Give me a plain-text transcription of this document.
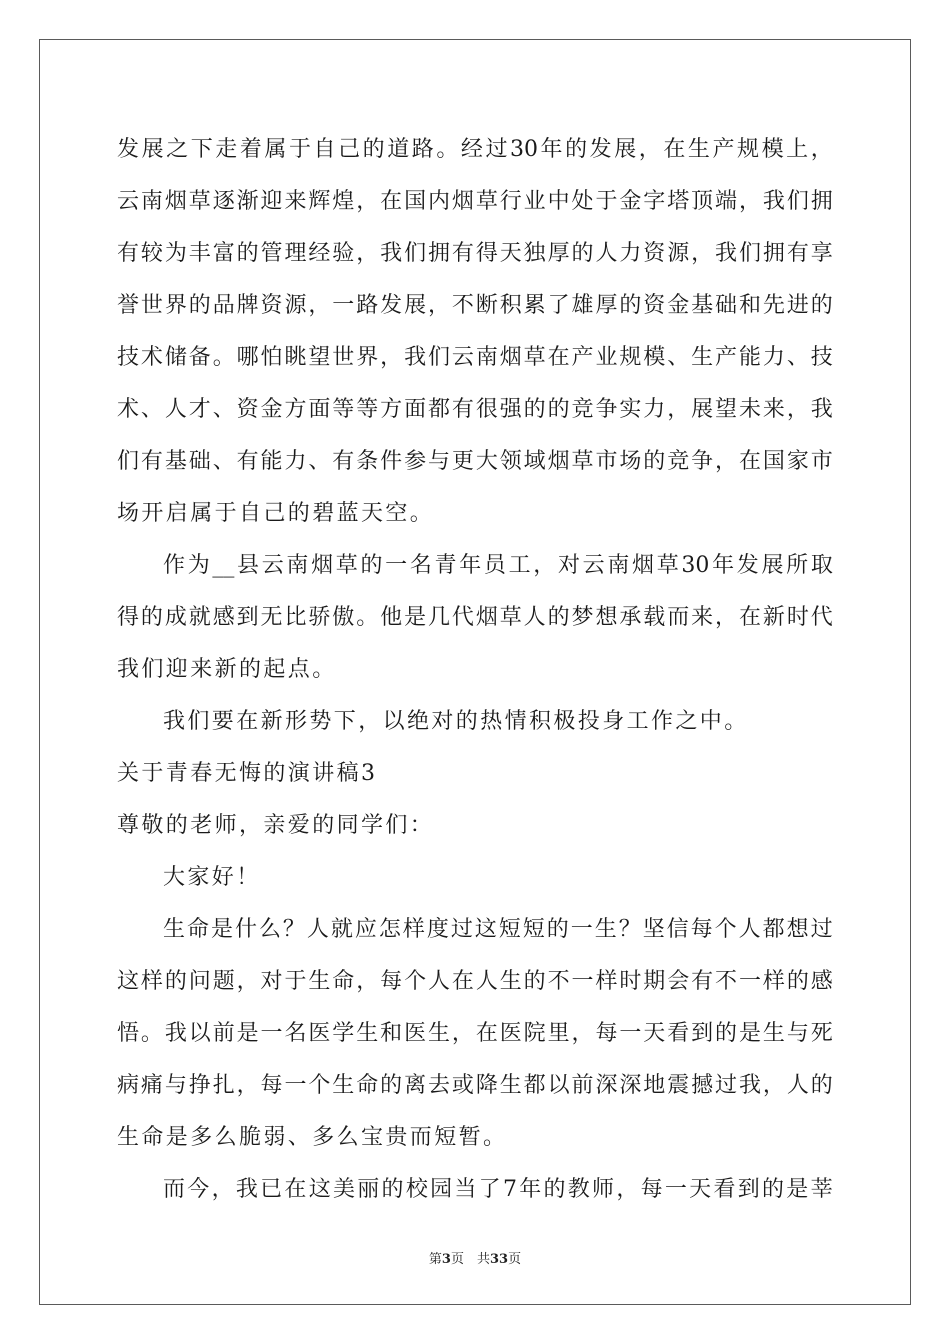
发 展 之 下 走 着 属 于 自 己 的 道 路 。 经 过 30 年 的 发 展 ， 在 生 产 规 模 上 ，
云 南 烟 草 逐 渐 迎 来 辉 煌 ， 在 国 内 烟 草 行 业 中 处 于 金 字 塔 顶 端 ， 我 们 拥
有 较 为 丰 富 的 管 理 经 验 ， 我 们 拥 有 得 天 独 厚 的 人 力 资 源 ， 我 们 拥 有 享
誉 世 界 的 品 牌 资 源 ， 一 路 发 展 ， 不 断 积 累 了 雄 厚 的 资 金 基 础 和 先 进 的
技 术 储 备 。 哪 怕 眺 望 世 界 ， 我 们 云 南 烟 草 在 产 业 规 模 、 生 产 能 力 、 技
术 、 人 才 、 资 金 方 面 等 等 方 面 都 有 很 强 的 的 竞 争 实 力 ， 展 望 未 来 ， 我
们 有 基 础 、 有 能 力 、 有 条 件 参 与 更 大 领 域 烟 草 市 场 的 竞 争 ， 在 国 家 市
场开启属于自己的碧蓝天空。
作 为 __ 县 云 南 烟 草 的 一 名 青 年 员 工 ， 对 云 南 烟 草 30 年 发 展 所 取
得 的 成 就 感 到 无 比 骄 傲 。 他 是 几 代 烟 草 人 的 梦 想 承 载 而 来 ， 在 新 时 代
我们迎来新的起点。
我们要在新形势下，以绝对的热情积极投身工作之中。
关于青春无悔的演讲稿3
尊敬的老师，亲爱的同学们：
大家好！
生 命 是 什 么 ？ 人 就 应 怎 样 度 过 这 短 短 的 一 生 ？ 坚 信 每 个 人 都 想 过
这 样 的 问 题 ， 对 于 生 命 ， 每 个 人 在 人 生 的 不 一 样 时 期 会 有 不 一 样 的 感
悟 。 我 以 前 是 一 名 医 学 生 和 医 生 ， 在 医 院 里 ， 每 一 天 看 到 的 是 生 与 死
病 痛 与 挣 扎 ， 每 一 个 生 命 的 离 去 或 降 生 都 以 前 深 深 地 震 撼 过 我 ， 人 的
生命是多么脆弱、多么宝贵而短暂。
而 今 ， 我 已 在 这 美 丽 的 校 园 当 了 7 年 的 教 师 ， 每 一 天 看 到 的 是 莘
第3页　共33页
